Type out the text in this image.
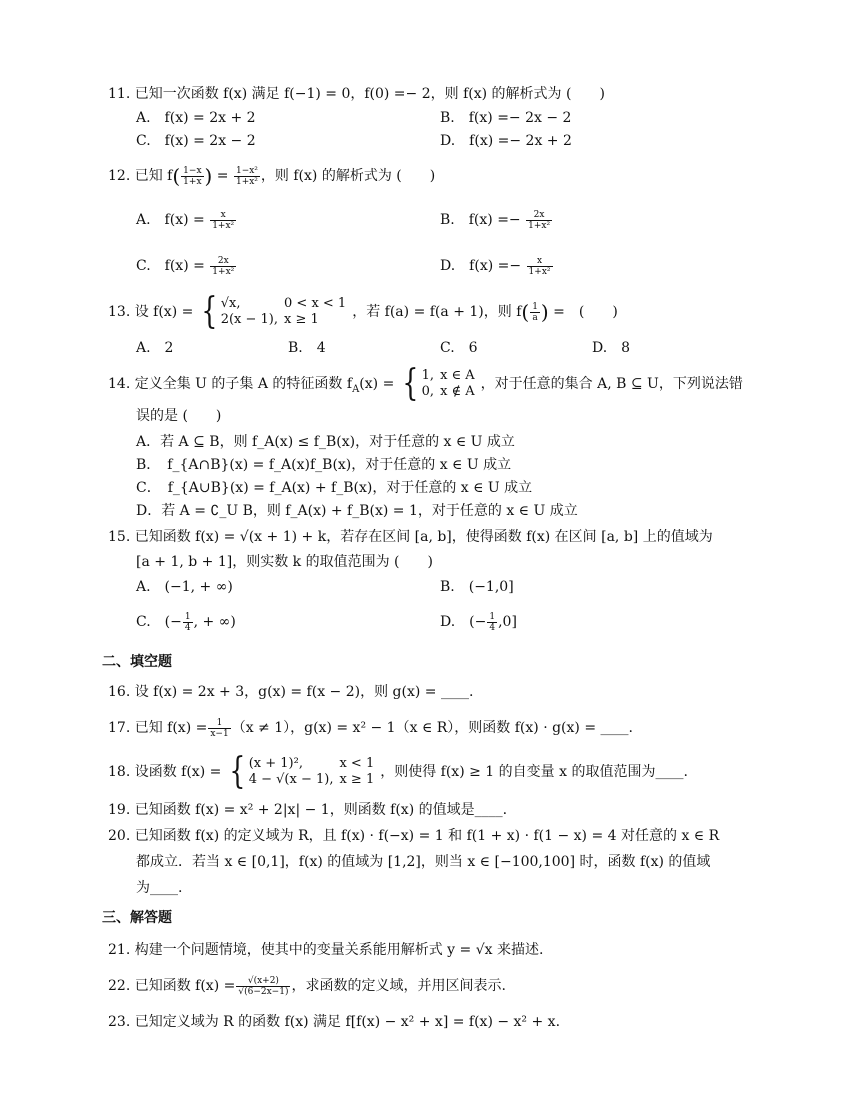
11. 已知一次函数 f(x) 满足 f(−1) = 0，f(0) =− 2，则 f(x) 的解析式为 (　　)
A.　f(x) = 2x + 2	B.　f(x) =− 2x − 2
C.　f(x) = 2x − 2	D.　f(x) =− 2x + 2
12. 已知 $f( \frac{1-x}{1+x}$ ) = $\frac{\text{1−x²}}{\text{1+x²}}$ ，则 f(x) 的解析式为 (　　)
A.　$f(x) = \frac{x}{\text{1+x²}}$	B.　$f(x) =- \frac{2x}{\text{1+x²}}$
C.　$f(x) = \frac{2x}{\text{1+x²}}$	D.　$f(x) =- \frac{x}{\text{1+x²}}$
13. 设 f(x) = { √x,	0 < x < 1
2(x − 1),	x ≥ 1 ，若 f(a) = f(a + 1)，则 $f( \frac{1}{a}$ ) =　(　　)
A.　2	B.　4	C.　6	D.　8
14. 定义全集 U 的子集 A 的特征函数 $f_A(x)$ = { 1,	x ∈ A
0,	x ∉ A ，对于任意的集合 A, B ⊆ U，下列说法错
误的是 (　　)
A．若 A ⊆ B，则 f_A(x) ≤ f_B(x)，对于任意的 x ∈ U 成立
B．　f_{A∩B}(x) = f_A(x)f_B(x)，对于任意的 x ∈ U 成立
C．　f_{A∪B}(x) = f_A(x) + f_B(x)，对于任意的 x ∈ U 成立
D．若 A = ∁_U B，则 f_A(x) + f_B(x) = 1，对于任意的 x ∈ U 成立
15. 已知函数 f(x) = √(x + 1) + k，若存在区间 [a, b]，使得函数 f(x) 在区间 [a, b] 上的值域为
[a + 1, b + 1]，则实数 k 的取值范围为 (　　)
A.　(−1, + ∞)	B.　(−1,0]
C.　(− $\frac{1}{4}$ , + ∞)	D.　(− $\frac{1}{4} ,0$]
二、填空题
16. 设 f(x) = 2x + 3，g(x) = f(x − 2)，则 g(x) = ____.
17. 已知 $f(x) = \frac{1}{x-1} (x \ne 1)$，g(x) = x² − 1（x ∈ R），则函数 f(x) · g(x) = ____.
18. 设函数 f(x) = { (x + 1)²,	x < 1
4 − √(x − 1),	x ≥ 1 ，则使得 f(x) ≥ 1 的自变量 x 的取值范围为____.
19. 已知函数 f(x) = x² + 2|x| − 1，则函数 f(x) 的值域是____.
20. 已知函数 f(x) 的定义域为 R，且 f(x) · f(−x) = 1 和 f(1 + x) · f(1 − x) = 4 对任意的 x ∈ R
都成立．若当 x ∈ [0,1]，f(x) 的值域为 [1,2]，则当 x ∈ [−100,100] 时，函数 f(x) 的值域
为____.
三、解答题
21. 构建一个问题情境，使其中的变量关系能用解析式 y = √x 来描述.
22. 已知函数 $f(x) = \frac{√(x+2)}{√(6-2x-1)}$ ，求函数的定义域，并用区间表示.
23. 已知定义域为 R 的函数 f(x) 满足 f[f(x) − x² + x] = f(x) − x² + x.
